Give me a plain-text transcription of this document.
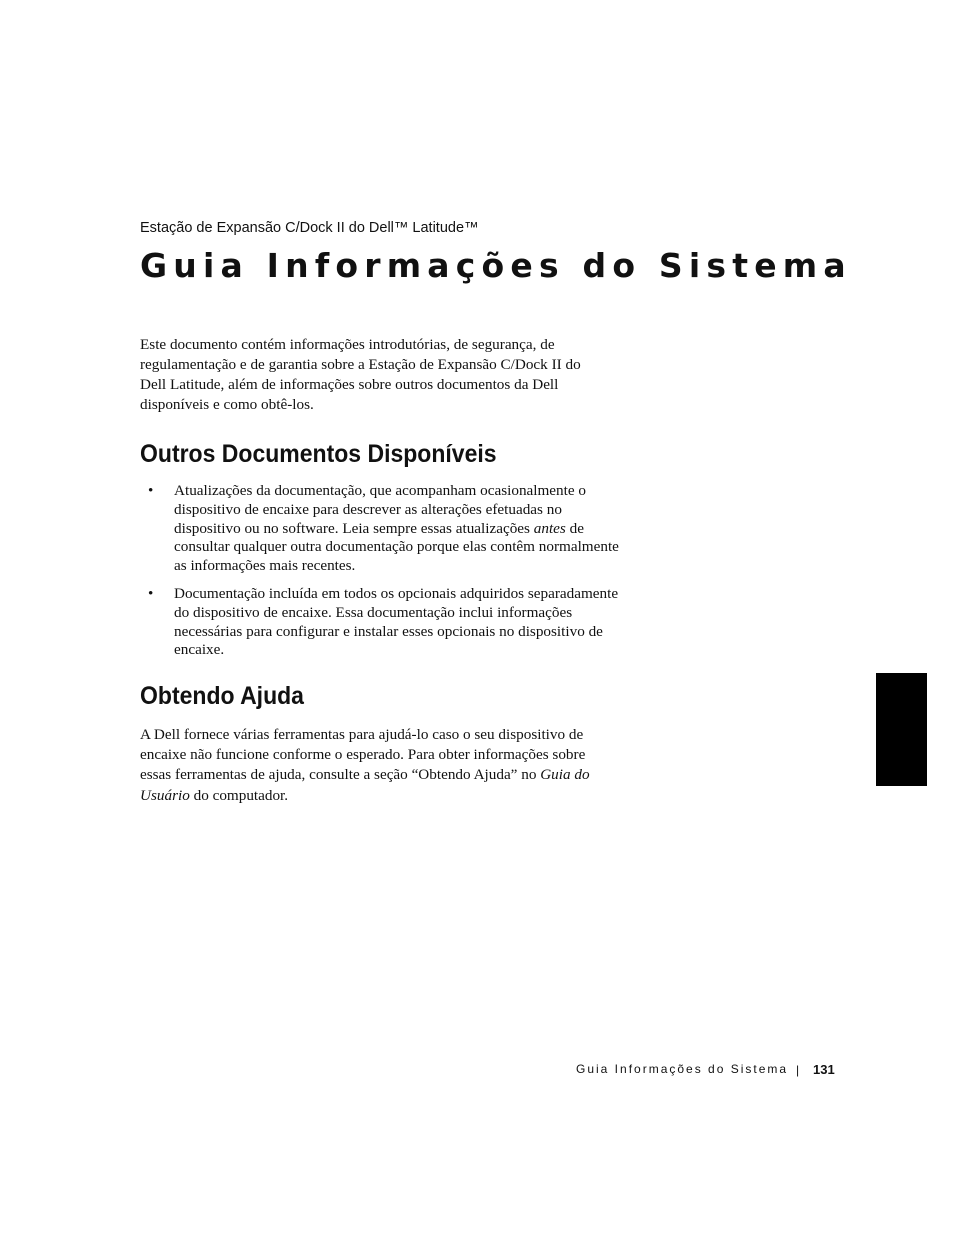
Estação de Expansão C/Dock II do Dell™ Latitude™
Guia Informações do Sistema

Este documento contém informações introdutórias, de segurança, de regulamentação e de garantia sobre a Estação de Expansão C/Dock II do Dell Latitude, além de informações sobre outros documentos da Dell disponíveis e como obtê-los.

Outros Documentos Disponíveis
• Atualizações da documentação, que acompanham ocasionalmente o dispositivo de encaixe para descrever as alterações efetuadas no dispositivo ou no software. Leia sempre essas atualizações antes de consultar qualquer outra documentação porque elas contêm normalmente as informações mais recentes.
• Documentação incluída em todos os opcionais adquiridos separadamente do dispositivo de encaixe. Essa documentação inclui informações necessárias para configurar e instalar esses opcionais no dispositivo de encaixe.
Obtendo Ajuda

A Dell fornece várias ferramentas para ajudá-lo caso o seu dispositivo de encaixe não funcione conforme o esperado. Para obter informações sobre essas ferramentas de ajuda, consulte a seção “Obtendo Ajuda” no Guia do Usuário do computador.

Guia Informações do Sistema | 131
